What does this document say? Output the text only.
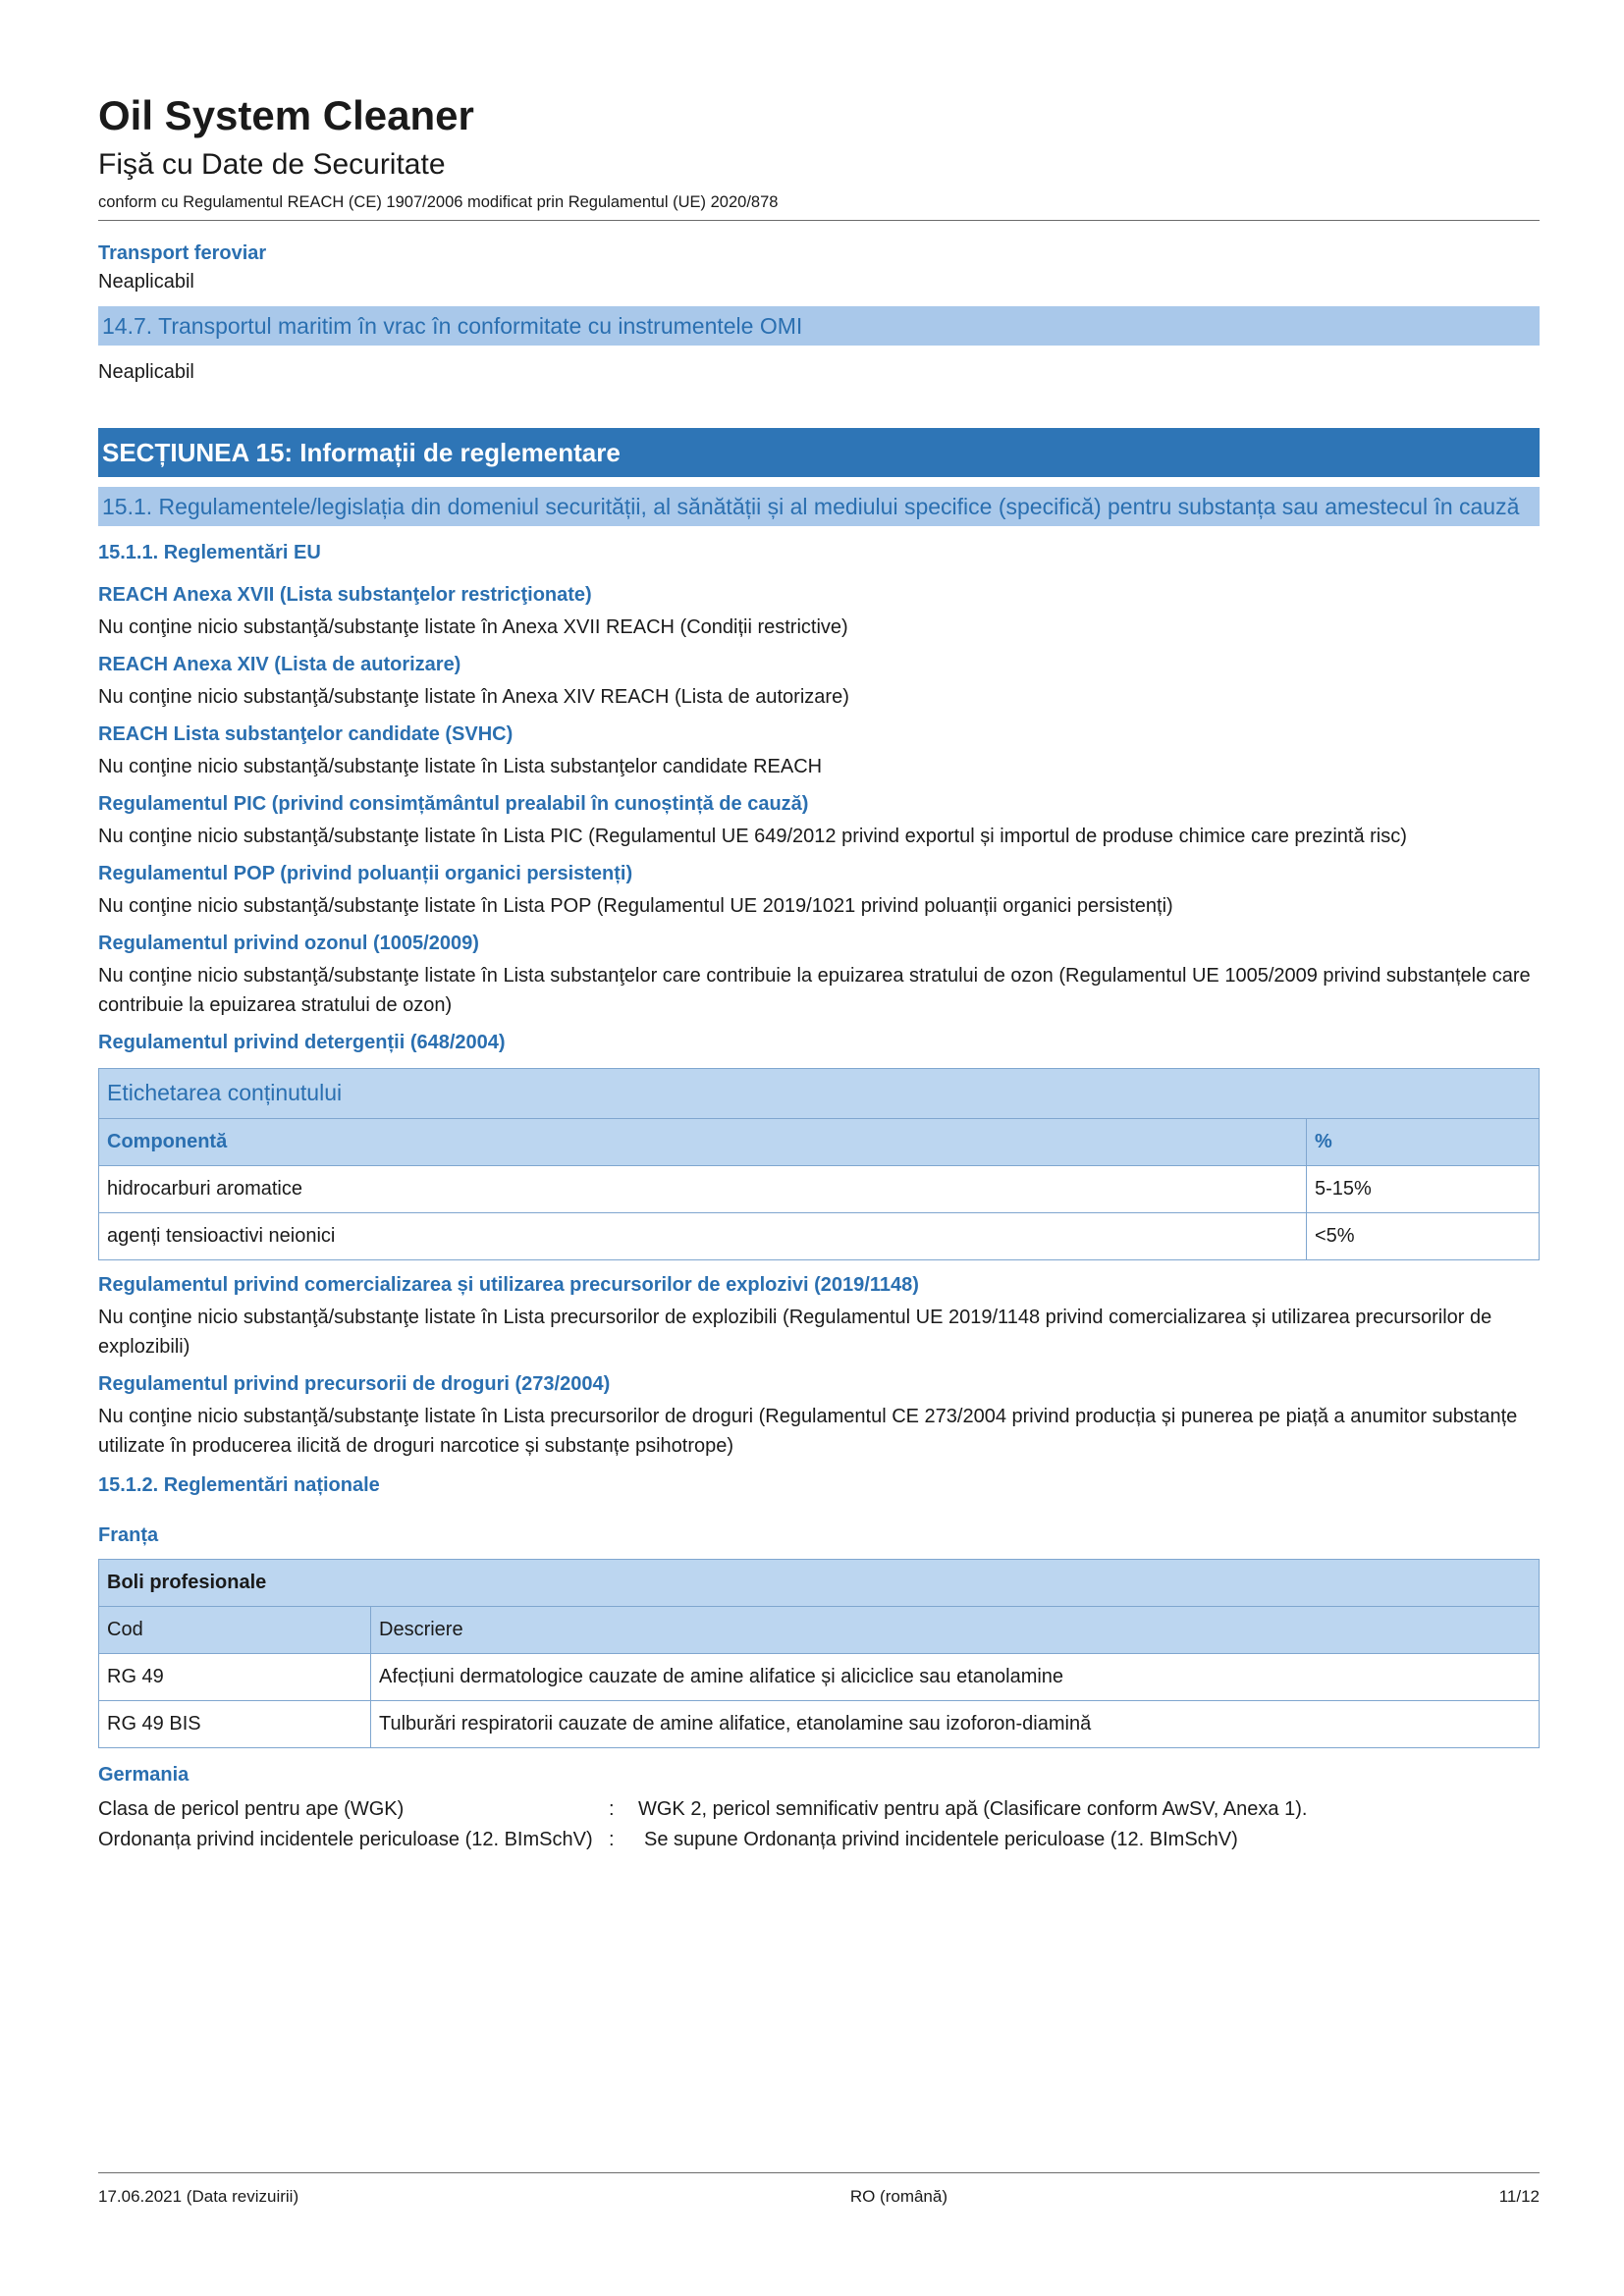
Oil System Cleaner
Fişă cu Date de Securitate
conform cu Regulamentul REACH (CE) 1907/2006 modificat prin Regulamentul (UE) 2020/878
Transport feroviar
Neaplicabil
14.7. Transportul maritim în vrac în conformitate cu instrumentele OMI
Neaplicabil
SECȚIUNEA 15: Informații de reglementare
15.1. Regulamentele/legislația din domeniul securității, al sănătății și al mediului specifice (specifică) pentru substanța sau amestecul în cauză
15.1.1. Reglementări EU
REACH Anexa XVII (Lista substanţelor restricţionate)
Nu conţine nicio substanţă/substanţe listate în Anexa XVII REACH (Condiții restrictive)
REACH Anexa XIV (Lista de autorizare)
Nu conţine nicio substanţă/substanţe listate în Anexa XIV REACH (Lista de autorizare)
REACH Lista substanţelor candidate (SVHC)
Nu conţine nicio substanţă/substanţe listate în Lista substanţelor candidate REACH
Regulamentul PIC (privind consimțământul prealabil în cunoștință de cauză)
Nu conţine nicio substanţă/substanţe listate în Lista PIC (Regulamentul UE 649/2012 privind exportul și importul de produse chimice care prezintă risc)
Regulamentul POP (privind poluanții organici persistenți)
Nu conţine nicio substanţă/substanţe listate în Lista POP (Regulamentul UE 2019/1021 privind poluanții organici persistenți)
Regulamentul privind ozonul (1005/2009)
Nu conţine nicio substanţă/substanţe listate în Lista substanţelor care contribuie la epuizarea stratului de ozon (Regulamentul UE 1005/2009 privind substanțele care contribuie la epuizarea stratului de ozon)
Regulamentul privind detergenții (648/2004)
Etichetarea conținutului	
Componentă	%
hidrocarburi aromatice	5-15%
agenți tensioactivi neionici	<5%
Regulamentul privind comercializarea și utilizarea precursorilor de explozivi (2019/1148)
Nu conţine nicio substanţă/substanţe listate în Lista precursorilor de explozibili (Regulamentul UE 2019/1148 privind comercializarea și utilizarea precursorilor de explozibili)
Regulamentul privind precursorii de droguri (273/2004)
Nu conţine nicio substanţă/substanţe listate în Lista precursorilor de droguri (Regulamentul CE 273/2004 privind producția și punerea pe piață a anumitor substanțe utilizate în producerea ilicită de droguri narcotice și substanțe psihotrope)
15.1.2. Reglementări naționale
Franța
Boli profesionale	
Cod	Descriere
RG 49	Afecțiuni dermatologice cauzate de amine alifatice și aliciclice sau etanolamine
RG 49 BIS	Tulburări respiratorii cauzate de amine alifatice, etanolamine sau izoforon-diamină
Germania
Clasa de pericol pentru ape (WGK)	:	WGK 2, pericol semnificativ pentru apă (Clasificare conform AwSV, Anexa 1).
Ordonanța privind incidentele periculoase (12. BImSchV) :	Se supune Ordonanța privind incidentele periculoase (12. BImSchV)
17.06.2021 (Data revizuirii)	RO (română)	11/12
